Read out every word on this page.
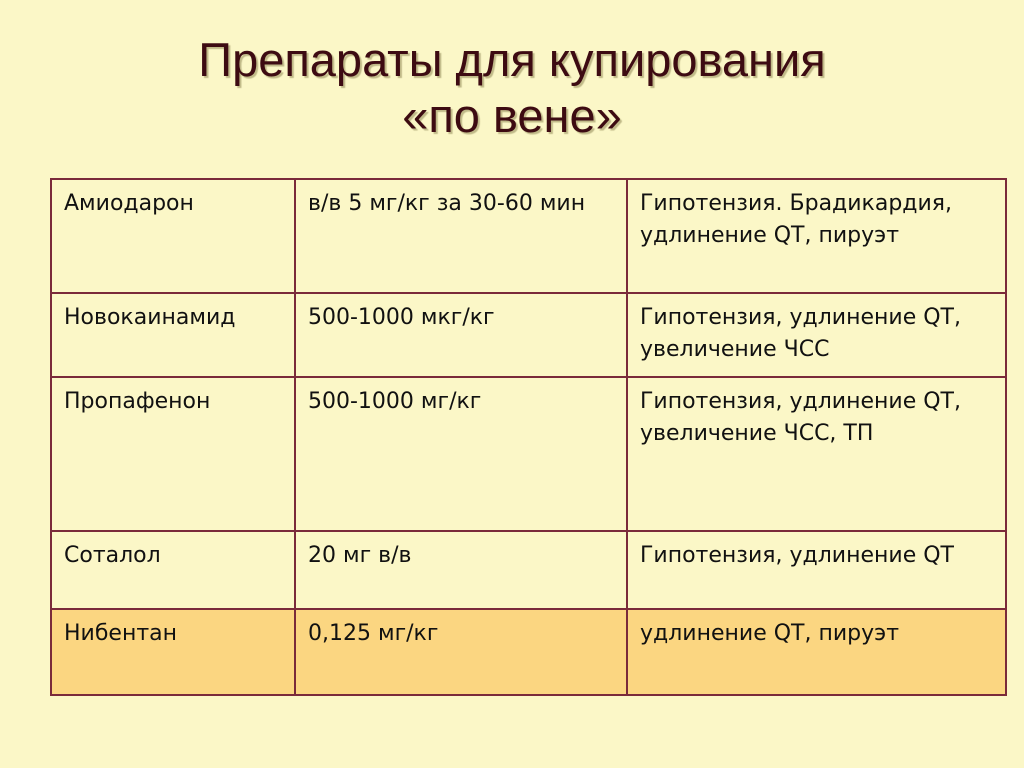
Препараты для купирования
«по вене»
Амиодарон	в/в 5 мг/кг за 30-60 мин	Гипотензия. Брадикардия, удлинение QT, пируэт
Новокаинамид	500-1000 мкг/кг	Гипотензия, удлинение QT, увеличение ЧСС
Пропафенон	500-1000 мг/кг	Гипотензия, удлинение QT, увеличение ЧСС, ТП
Соталол	20 мг в/в	Гипотензия, удлинение QT
Нибентан	0,125 мг/кг	удлинение QT, пируэт
